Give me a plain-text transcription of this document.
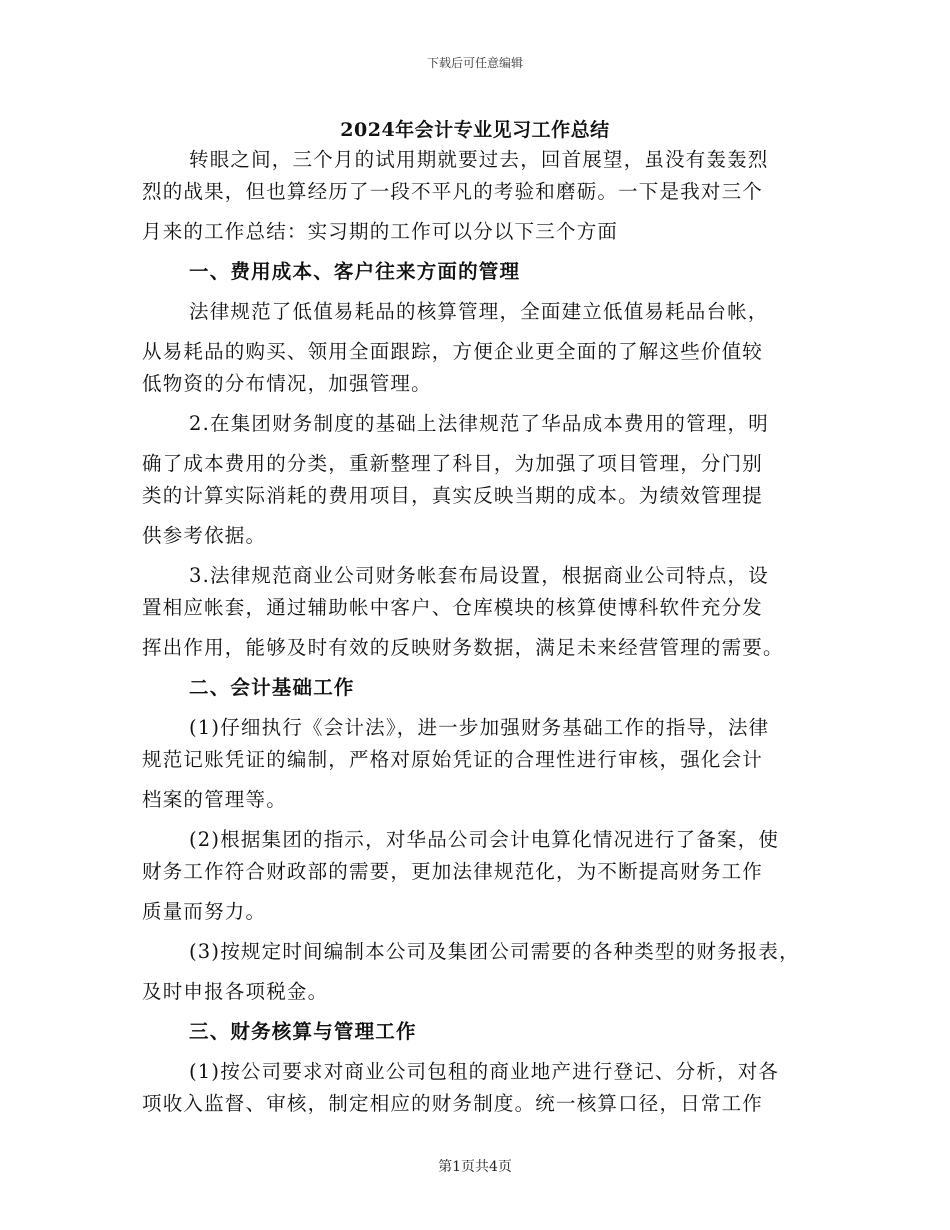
下载后可任意编辑
2024年会计专业见习工作总结
转眼之间，三个月的试用期就要过去，回首展望，虽没有轰轰烈
烈的战果，但也算经历了一段不平凡的考验和磨砺。一下是我对三个
月来的工作总结：实习期的工作可以分以下三个方面
一、费用成本、客户往来方面的管理
法律规范了低值易耗品的核算管理，全面建立低值易耗品台帐，
从易耗品的购买、领用全面跟踪，方便企业更全面的了解这些价值较
低物资的分布情况，加强管理。
2.在集团财务制度的基础上法律规范了华品成本费用的管理，明
确了成本费用的分类，重新整理了科目，为加强了项目管理，分门别
类的计算实际消耗的费用项目，真实反映当期的成本。为绩效管理提
供参考依据。
3.法律规范商业公司财务帐套布局设置，根据商业公司特点，设
置相应帐套，通过辅助帐中客户、仓库模块的核算使博科软件充分发
挥出作用，能够及时有效的反映财务数据，满足未来经营管理的需要。
二、会计基础工作
(1)仔细执行《会计法》，进一步加强财务基础工作的指导，法律
规范记账凭证的编制，严格对原始凭证的合理性进行审核，强化会计
档案的管理等。
(2)根据集团的指示，对华品公司会计电算化情况进行了备案，使
财务工作符合财政部的需要，更加法律规范化，为不断提高财务工作
质量而努力。
(3)按规定时间编制本公司及集团公司需要的各种类型的财务报表，
及时申报各项税金。
三、财务核算与管理工作
(1)按公司要求对商业公司包租的商业地产进行登记、分析，对各
项收入监督、审核，制定相应的财务制度。统一核算口径，日常工作
第1页共4页
